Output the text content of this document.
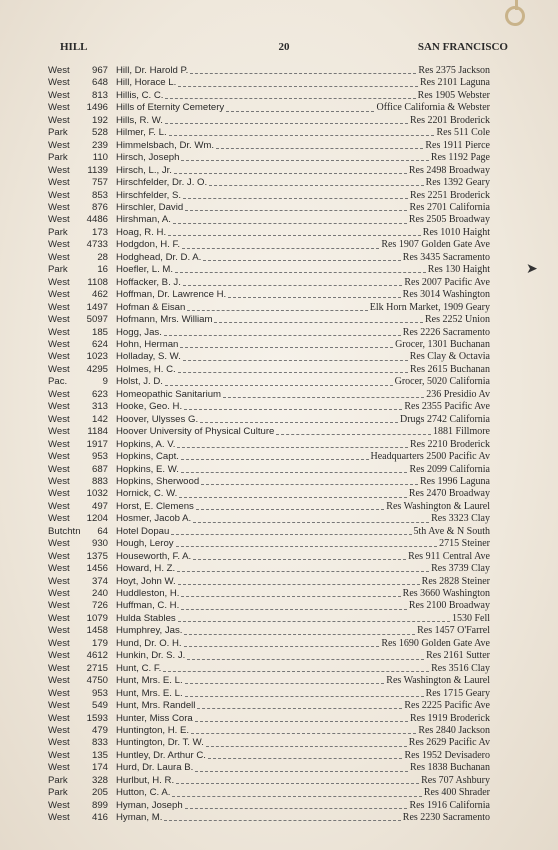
HILL	20	SAN FRANCISCO
➤
West	967 Hill, Dr. Harold P.	Res 2375 Jackson
West	648 Hill, Horace L.	Res 2101 Laguna
West	813 Hillis, C. C.	Res 1905 Webster
West	1496 Hills of Eternity Cemetery	Office California & Webster
West	192 Hills, R. W.	Res 2201 Broderick
Park	528 Hilmer, F. L.	Res 511 Cole
West	239 Himmelsbach, Dr. Wm.	Res 1911 Pierce
Park	110 Hirsch, Joseph	Res 1192 Page
West	1139 Hirsch, L., Jr.	Res 2498 Broadway
West	757 Hirschfelder, Dr. J. O.	Res 1392 Geary
West	853 Hirschfelder, S.	Res 2251 Broderick
West	876 Hirschler, David	Res 2701 California
West	4486 Hirshman, A.	Res 2505 Broadway
Park	173 Hoag, R. H.	Res 1010 Haight
West	4733 Hodgdon, H. F.	Res 1907 Golden Gate Ave
West	28 Hodghead, Dr. D. A.	Res 3435 Sacramento
Park	16 Hoefler, L. M.	Res 130 Haight
West	1108 Hoffacker, B. J.	Res 2007 Pacific Ave
West	462 Hoffman, Dr. Lawrence H.	Res 3014 Washington
West	1497 Hofman & Eisan	Elk Horn Market, 1909 Geary
West	5097 Hofmann, Mrs. William	Res 2252 Union
West	185 Hogg, Jas.	Res 2226 Sacramento
West	624 Hohn, Herman	Grocer, 1301 Buchanan
West	1023 Holladay, S. W.	Res Clay & Octavia
West	4295 Holmes, H. C.	Res 2615 Buchanan
Pac.	9 Holst, J. D.	Grocer, 5020 California
West	623 Homeopathic Sanitarium	236 Presidio Av
West	313 Hooke, Geo. H.	Res 2355 Pacific Ave
West	142 Hoover, Ulysses G.	Drugs 2742 California
West	1184 Hoover University of Physical Culture	1881 Fillmore
West	1917 Hopkins, A. V.	Res 2210 Broderick
West	953 Hopkins, Capt.	Headquarters 2500 Pacific Av
West	687 Hopkins, E. W.	Res 2099 California
West	883 Hopkins, Sherwood	Res 1996 Laguna
West	1032 Hornick, C. W.	Res 2470 Broadway
West	497 Horst, E. Clemens	Res Washington & Laurel
West	1204 Hosmer, Jacob A.	Res 3323 Clay
Butchtn	64 Hotel Dopau	5th Ave & N South
West	930 Hough, Leroy	2715 Steiner
West	1375 Houseworth, F. A.	Res 911 Central Ave
West	1456 Howard, H. Z.	Res 3739 Clay
West	374 Hoyt, John W.	Res 2828 Steiner
West	240 Huddleston, H.	Res 3660 Washington
West	726 Huffman, C. H.	Res 2100 Broadway
West	1079 Hulda Stables	1530 Fell
West	1458 Humphrey, Jas.	Res 1457 O'Farrel
West	179 Hund, Dr. O. H.	Res 1690 Golden Gate Ave
West	4612 Hunkin, Dr. S. J.	Res 2161 Sutter
West	2715 Hunt, C. F.	Res 3516 Clay
West	4750 Hunt, Mrs. E. L.	Res Washington & Laurel
West	953 Hunt, Mrs. E. L.	Res 1715 Geary
West	549 Hunt, Mrs. Randell	Res 2225 Pacific Ave
West	1593 Hunter, Miss Cora	Res 1919 Broderick
West	479 Huntington, H. E.	Res 2840 Jackson
West	833 Huntington, Dr. T. W.	Res 2629 Pacific Av
West	135 Huntley, Dr. Arthur C.	Res 1952 Devisadero
West	174 Hurd, Dr. Laura B.	Res 1838 Buchanan
Park	328 Hurlbut, H. R.	Res 707 Ashbury
Park	205 Hutton, C. A.	Res 400 Shrader
West	899 Hyman, Joseph	Res 1916 California
West	416 Hyman, M.	Res 2230 Sacramento
